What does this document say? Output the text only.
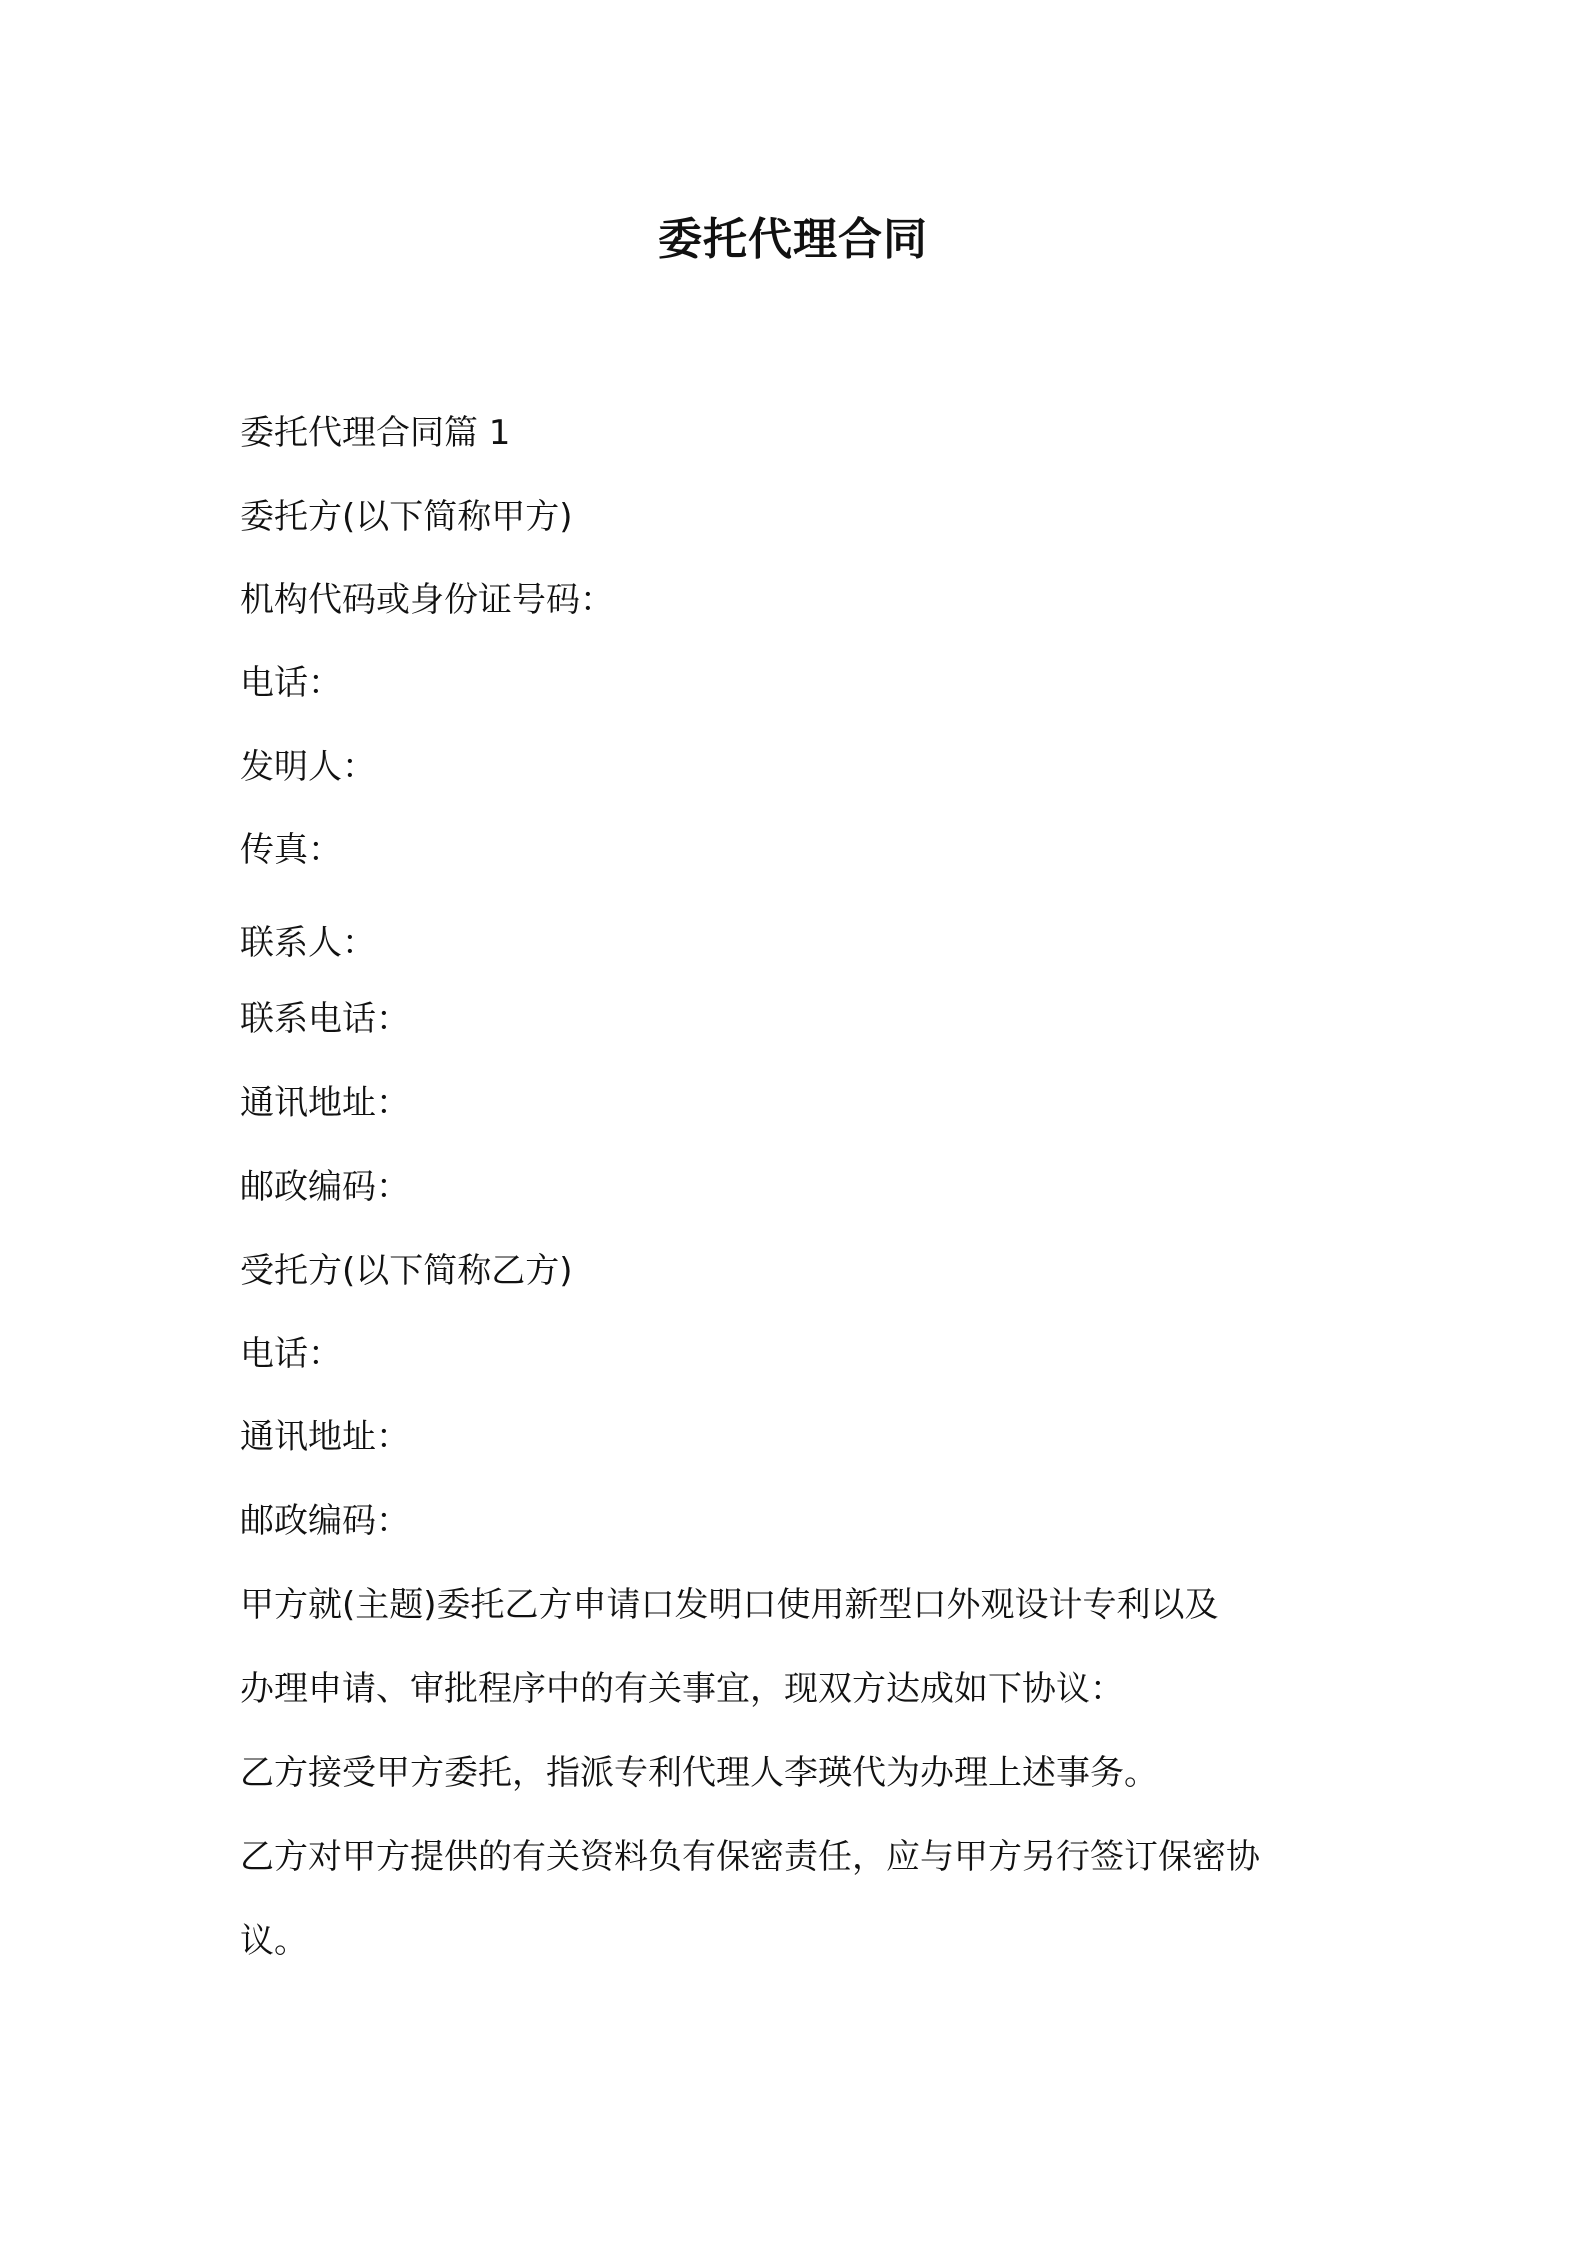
委托代理合同
委托代理合同篇 1
委托方(以下简称甲方)
机构代码或身份证号码：
电话：
发明人：
传真：
联系人：
联系电话：
通讯地址：
邮政编码：
受托方(以下简称乙方)
电话：
通讯地址：
邮政编码：
甲方就(主题)委托乙方申请口发明口使用新型口外观设计专利以及
办理申请、审批程序中的有关事宜，现双方达成如下协议：
乙方接受甲方委托，指派专利代理人李瑛代为办理上述事务。
乙方对甲方提供的有关资料负有保密责任，应与甲方另行签订保密协
议。
